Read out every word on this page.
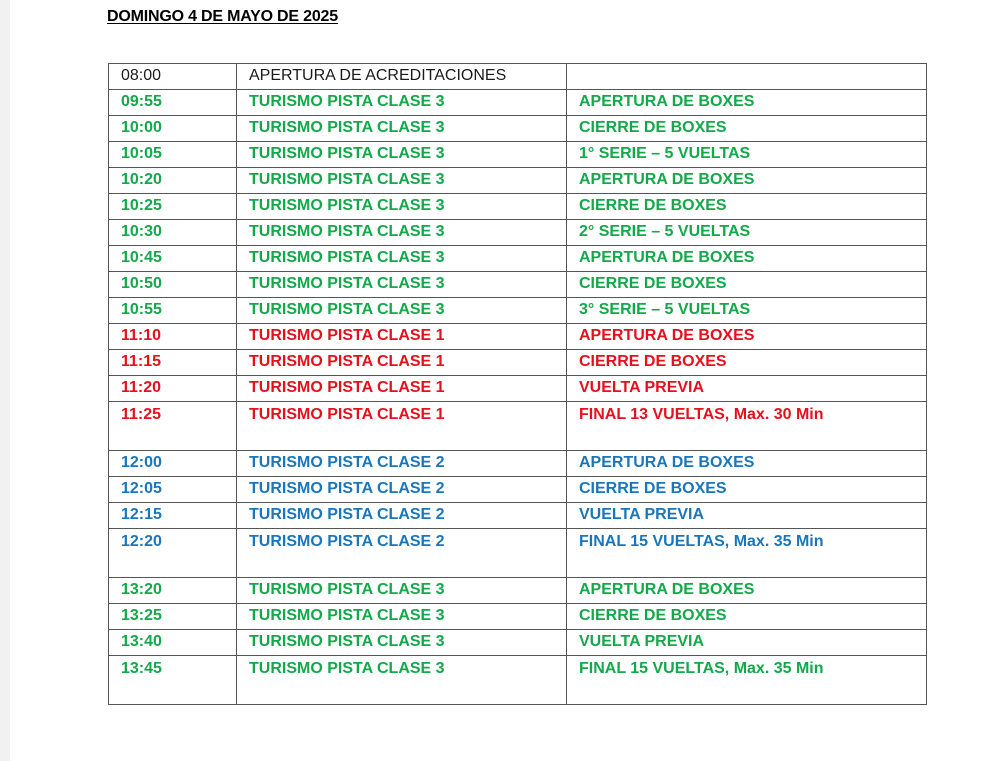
DOMINGO 4 DE MAYO DE 2025
08:00	APERTURA DE ACREDITACIONES	
09:55	TURISMO PISTA CLASE 3	APERTURA DE BOXES
10:00	TURISMO PISTA CLASE 3	CIERRE DE BOXES
10:05	TURISMO PISTA CLASE 3	1° SERIE – 5 VUELTAS
10:20	TURISMO PISTA CLASE 3	APERTURA DE BOXES
10:25	TURISMO PISTA CLASE 3	CIERRE DE BOXES
10:30	TURISMO PISTA CLASE 3	2° SERIE – 5 VUELTAS
10:45	TURISMO PISTA CLASE 3	APERTURA DE BOXES
10:50	TURISMO PISTA CLASE 3	CIERRE DE BOXES
10:55	TURISMO PISTA CLASE 3	3° SERIE – 5 VUELTAS
11:10	TURISMO PISTA CLASE 1	APERTURA DE BOXES
11:15	TURISMO PISTA CLASE 1	CIERRE DE BOXES
11:20	TURISMO PISTA CLASE 1	VUELTA PREVIA
11:25	TURISMO PISTA CLASE 1	FINAL 13 VUELTAS, Max. 30 Min
12:00	TURISMO PISTA CLASE 2	APERTURA DE BOXES
12:05	TURISMO PISTA CLASE 2	CIERRE DE BOXES
12:15	TURISMO PISTA CLASE 2	VUELTA PREVIA
12:20	TURISMO PISTA CLASE 2	FINAL 15 VUELTAS, Max. 35 Min
13:20	TURISMO PISTA CLASE 3	APERTURA DE BOXES
13:25	TURISMO PISTA CLASE 3	CIERRE DE BOXES
13:40	TURISMO PISTA CLASE 3	VUELTA PREVIA
13:45	TURISMO PISTA CLASE 3	FINAL 15 VUELTAS, Max. 35 Min
